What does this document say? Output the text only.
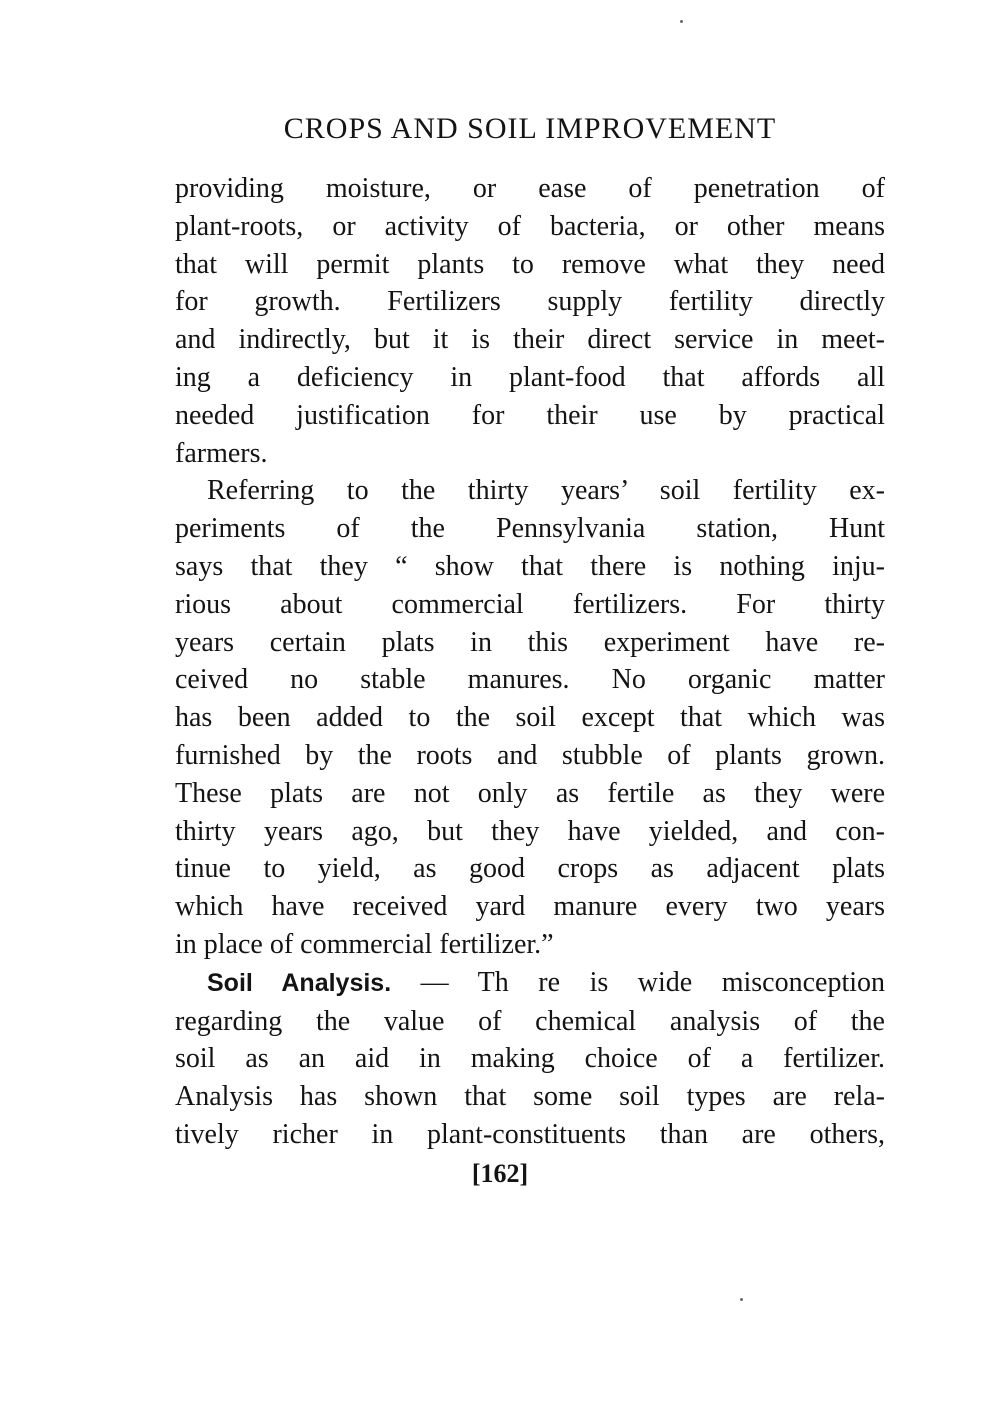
CROPS AND SOIL IMPROVEMENT

providing moisture, or ease of penetration of
plant-roots, or activity of bacteria, or other means
that will permit plants to remove what they need
for growth. Fertilizers supply fertility directly
and indirectly, but it is their direct service in meet-
ing a deficiency in plant-food that affords all
needed justification for their use by practical
farmers.

Referring to the thirty years’ soil fertility ex-
periments of the Pennsylvania station, Hunt
says that they “ show that there is nothing inju-
rious about commercial fertilizers. For thirty
years certain plats in this experiment have re-
ceived no stable manures. No organic matter
has been added to the soil except that which was
furnished by the roots and stubble of plants grown.
These plats are not only as fertile as they were
thirty years ago, but they have yielded, and con-
tinue to yield, as good crops as adjacent plats
which have received yard manure every two years
in place of commercial fertilizer.”

Soil Analysis. — Th re is wide misconception
regarding the value of chemical analysis of the
soil as an aid in making choice of a fertilizer.
Analysis has shown that some soil types are rela-
tively richer in plant-constituents than are others,

[162]
